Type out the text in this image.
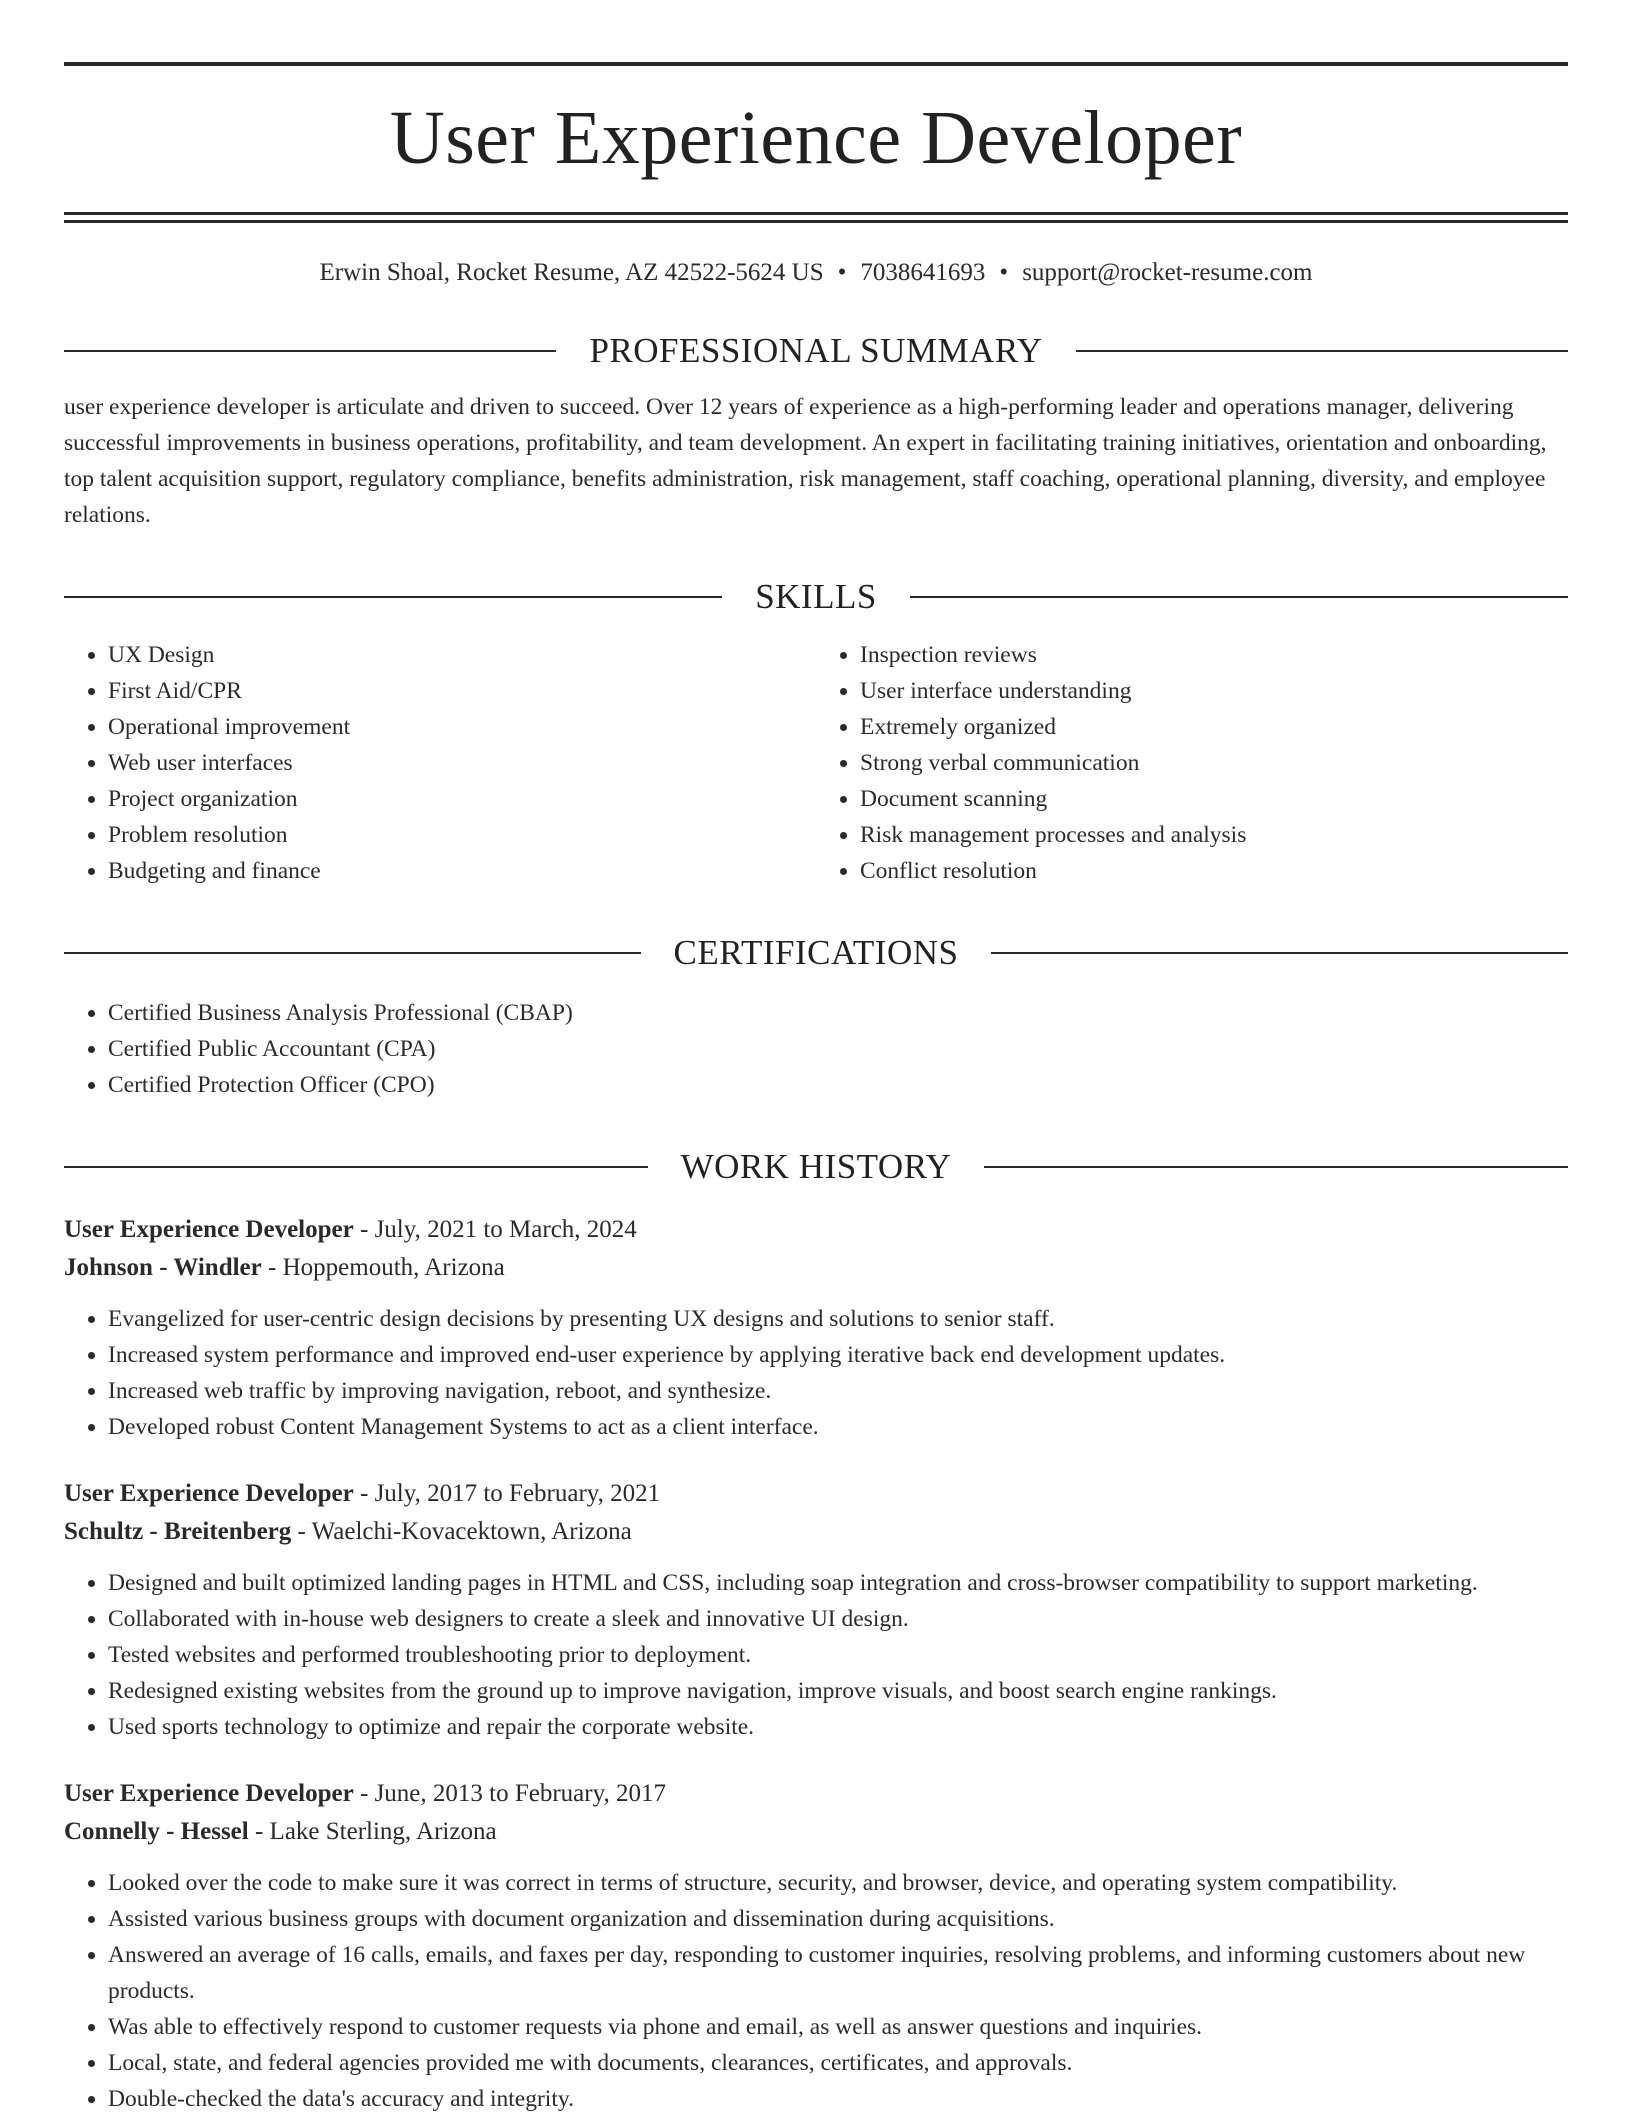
User Experience Developer
Erwin Shoal, Rocket Resume, AZ 42522-5624 US • 7038641693 • support@rocket-resume.com
PROFESSIONAL SUMMARY
user experience developer is articulate and driven to succeed. Over 12 years of experience as a high-performing leader and operations manager, delivering successful improvements in business operations, profitability, and team development. An expert in facilitating training initiatives, orientation and onboarding, top talent acquisition support, regulatory compliance, benefits administration, risk management, staff coaching, operational planning, diversity, and employee relations.
SKILLS
• UX Design
• First Aid/CPR
• Operational improvement
• Web user interfaces
• Project organization
• Problem resolution
• Budgeting and finance
• Inspection reviews
• User interface understanding
• Extremely organized
• Strong verbal communication
• Document scanning
• Risk management processes and analysis
• Conflict resolution
CERTIFICATIONS
• Certified Business Analysis Professional (CBAP)
• Certified Public Accountant (CPA)
• Certified Protection Officer (CPO)
WORK HISTORY
User Experience Developer - July, 2021 to March, 2024
Johnson - Windler - Hoppemouth, Arizona
• Evangelized for user-centric design decisions by presenting UX designs and solutions to senior staff.
• Increased system performance and improved end-user experience by applying iterative back end development updates.
• Increased web traffic by improving navigation, reboot, and synthesize.
• Developed robust Content Management Systems to act as a client interface.
User Experience Developer - July, 2017 to February, 2021
Schultz - Breitenberg - Waelchi-Kovacektown, Arizona
• Designed and built optimized landing pages in HTML and CSS, including soap integration and cross-browser compatibility to support marketing.
• Collaborated with in-house web designers to create a sleek and innovative UI design.
• Tested websites and performed troubleshooting prior to deployment.
• Redesigned existing websites from the ground up to improve navigation, improve visuals, and boost search engine rankings.
• Used sports technology to optimize and repair the corporate website.
User Experience Developer - June, 2013 to February, 2017
Connelly - Hessel - Lake Sterling, Arizona
• Looked over the code to make sure it was correct in terms of structure, security, and browser, device, and operating system compatibility.
• Assisted various business groups with document organization and dissemination during acquisitions.
• Answered an average of 16 calls, emails, and faxes per day, responding to customer inquiries, resolving problems, and informing customers about new products.
• Was able to effectively respond to customer requests via phone and email, as well as answer questions and inquiries.
• Local, state, and federal agencies provided me with documents, clearances, certificates, and approvals.
• Double-checked the data's accuracy and integrity.
